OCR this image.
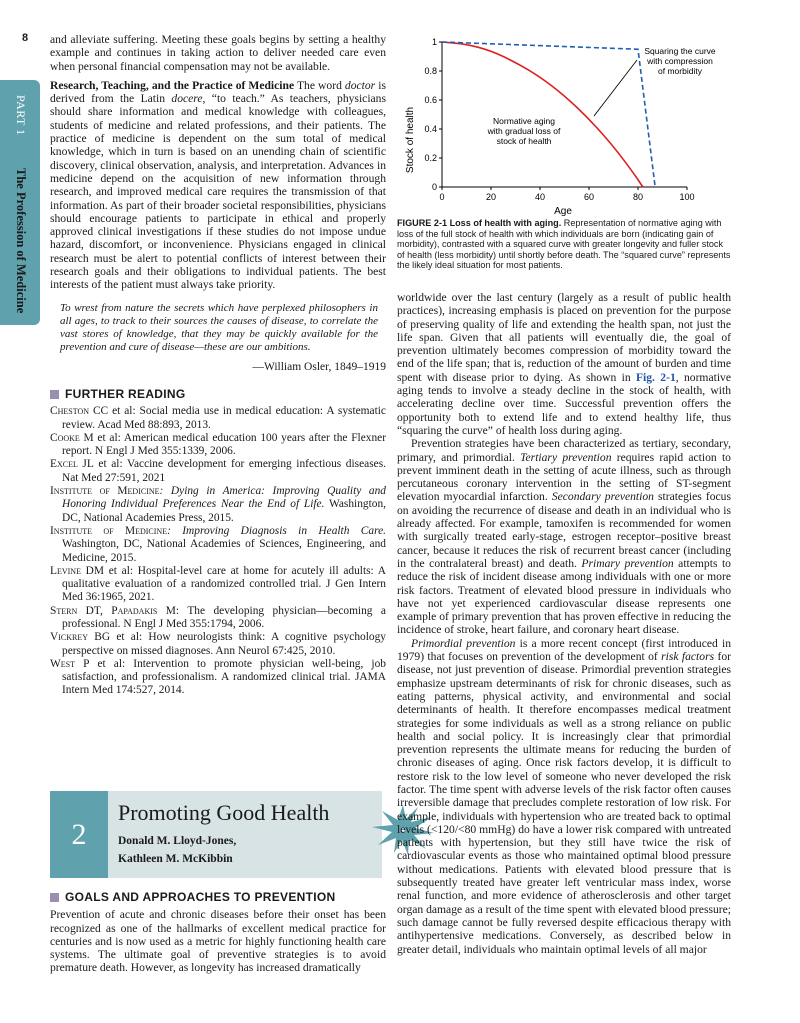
8
PART 1
The Profession of Medicine

and alleviate suffering. Meeting these goals begins by setting a healthy example and continues in taking action to deliver needed care even when personal financial compensation may not be available.

Research, Teaching, and the Practice of Medicine The word doctor is derived from the Latin docere, “to teach.” As teachers, physicians should share information and medical knowledge with colleagues, students of medicine and related professions, and their patients. The practice of medicine is dependent on the sum total of medical knowledge, which in turn is based on an unending chain of scientific discovery, clinical observation, analysis, and interpretation. Advances in medicine depend on the acquisition of new information through research, and improved medical care requires the transmission of that information. As part of their broader societal responsibilities, physicians should encourage patients to participate in ethical and properly approved clinical investigations if these studies do not impose undue hazard, discomfort, or inconvenience. Physicians engaged in clinical research must be alert to potential conflicts of interest between their research goals and their obligations to individual patients. The best interests of the patient must always take priority.

To wrest from nature the secrets which have perplexed philosophers in all ages, to track to their sources the causes of disease, to correlate the vast stores of knowledge, that they may be quickly available for the prevention and cure of disease—these are our ambitions.
—William Osler, 1849–1919
FURTHER READING
Cheston CC et al: Social media use in medical education: A systematic review. Acad Med 88:893, 2013.
Cooke M et al: American medical education 100 years after the Flexner report. N Engl J Med 355:1339, 2006.
Excel JL et al: Vaccine development for emerging infectious diseases. Nat Med 27:591, 2021
Institute of Medicine: Dying in America: Improving Quality and Honoring Individual Preferences Near the End of Life. Washington, DC, National Academies Press, 2015.
Institute of Medicine: Improving Diagnosis in Health Care. Washington, DC, National Academies of Sciences, Engineering, and Medicine, 2015.
Levine DM et al: Hospital-level care at home for acutely ill adults: A qualitative evaluation of a randomized controlled trial. J Gen Intern Med 36:1965, 2021.
Stern DT, Papadakis M: The developing physician—becoming a professional. N Engl J Med 355:1794, 2006.
Vickrey BG et al: How neurologists think: A cognitive psychology perspective on missed diagnoses. Ann Neurol 67:425, 2010.
West P et al: Intervention to promote physician well-being, job satisfaction, and professionalism. A randomized clinical trial. JAMA Intern Med 174:527, 2014.
2
Promoting Good Health
Donald M. Lloyd-Jones,
Kathleen M. McKibbin
GOALS AND APPROACHES TO PREVENTION

Prevention of acute and chronic diseases before their onset has been recognized as one of the hallmarks of excellent medical practice for centuries and is now used as a metric for highly functioning health care systems. The ultimate goal of preventive strategies is to avoid premature death. However, as longevity has increased dramatically

0	20	40	60	80	100
0
0.2
0.4
0.6
0.8
1
Stock of health
Age
Normative aging
with gradual loss of
stock of health
Squaring the curve
with compression
of morbidity
FIGURE 2-1 Loss of health with aging. Representation of normative aging with loss of the full stock of health with which individuals are born (indicating gain of morbidity), contrasted with a squared curve with greater longevity and fuller stock of health (less morbidity) until shortly before death. The “squared curve” represents the likely ideal situation for most patients.

worldwide over the last century (largely as a result of public health practices), increasing emphasis is placed on prevention for the purpose of preserving quality of life and extending the health span, not just the life span. Given that all patients will eventually die, the goal of prevention ultimately becomes compression of morbidity toward the end of the life span; that is, reduction of the amount of burden and time spent with disease prior to dying. As shown in Fig. 2-1, normative aging tends to involve a steady decline in the stock of health, with accelerating decline over time. Successful prevention offers the opportunity both to extend life and to extend healthy life, thus “squaring the curve” of health loss during aging.

Prevention strategies have been characterized as tertiary, secondary, primary, and primordial. Tertiary prevention requires rapid action to prevent imminent death in the setting of acute illness, such as through percutaneous coronary intervention in the setting of ST-segment elevation myocardial infarction. Secondary prevention strategies focus on avoiding the recurrence of disease and death in an individual who is already affected. For example, tamoxifen is recommended for women with surgically treated early-stage, estrogen receptor–positive breast cancer, because it reduces the risk of recurrent breast cancer (including in the contralateral breast) and death. Primary prevention attempts to reduce the risk of incident disease among individuals with one or more risk factors. Treatment of elevated blood pressure in individuals who have not yet experienced cardiovascular disease represents one example of primary prevention that has proven effective in reducing the incidence of stroke, heart failure, and coronary heart disease.

Primordial prevention is a more recent concept (first introduced in 1979) that focuses on prevention of the development of risk factors for disease, not just prevention of disease. Primordial prevention strategies emphasize upstream determinants of risk for chronic diseases, such as eating patterns, physical activity, and environmental and social determinants of health. It therefore encompasses medical treatment strategies for some individuals as well as a strong reliance on public health and social policy. It is increasingly clear that primordial prevention represents the ultimate means for reducing the burden of chronic diseases of aging. Once risk factors develop, it is difficult to restore risk to the low level of someone who never developed the risk factor. The time spent with adverse levels of the risk factor often causes irreversible damage that precludes complete restoration of low risk. For example, individuals with hypertension who are treated back to optimal levels (<120/<80 mmHg) do have a lower risk compared with untreated patients with hypertension, but they still have twice the risk of cardiovascular events as those who maintained optimal blood pressure without medications. Patients with elevated blood pressure that is subsequently treated have greater left ventricular mass index, worse renal function, and more evidence of atherosclerosis and other target organ damage as a result of the time spent with elevated blood pressure; such damage cannot be fully reversed despite efficacious therapy with antihypertensive medications. Conversely, as described below in greater detail, individuals who maintain optimal levels of all major
